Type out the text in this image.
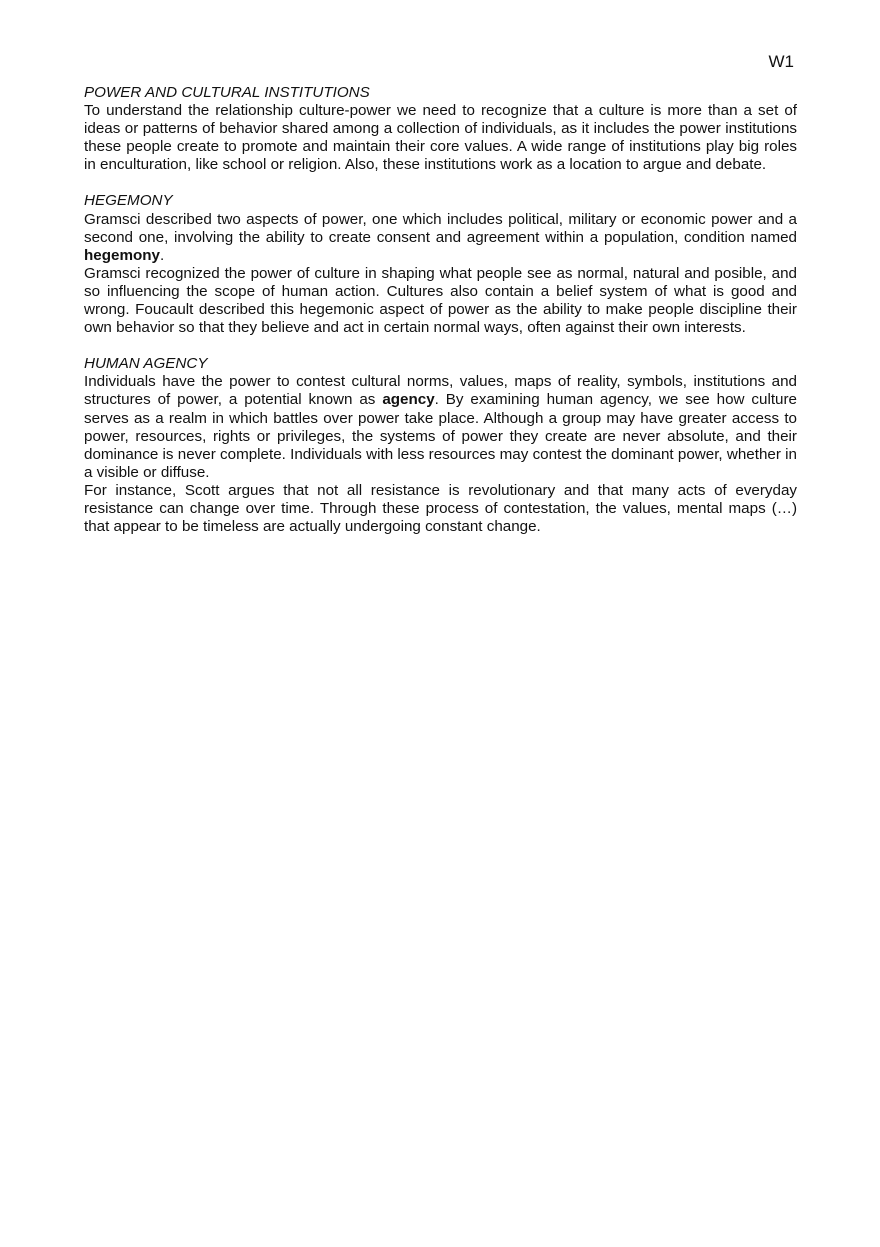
W1

POWER AND CULTURAL INSTITUTIONS

To understand the relationship culture-power we need to recognize that a culture is more than a set of ideas or patterns of behavior shared among a collection of individuals, as it includes the power institutions these people create to promote and maintain their core values. A wide range of institutions play big roles in enculturation, like school or religion. Also, these institutions work as a location to argue and debate.

HEGEMONY

Gramsci described two aspects of power, one which includes political, military or economic power and a second one, involving the ability to create consent and agreement within a population, condition named hegemony.

Gramsci recognized the power of culture in shaping what people see as normal, natural and posible, and so influencing the scope of human action. Cultures also contain a belief system of what is good and wrong. Foucault described this hegemonic aspect of power as the ability to make people discipline their own behavior so that they believe and act in certain normal ways, often against their own interests.

HUMAN AGENCY

Individuals have the power to contest cultural norms, values, maps of reality, symbols, institutions and structures of power, a potential known as agency. By examining human agency, we see how culture serves as a realm in which battles over power take place. Although a group may have greater access to power, resources, rights or privileges, the systems of power they create are never absolute, and their dominance is never complete. Individuals with less resources may contest the dominant power, whether in a visible or diffuse.

For instance, Scott argues that not all resistance is revolutionary and that many acts of everyday resistance can change over time. Through these process of contestation, the values, mental maps (…) that appear to be timeless are actually undergoing constant change.
